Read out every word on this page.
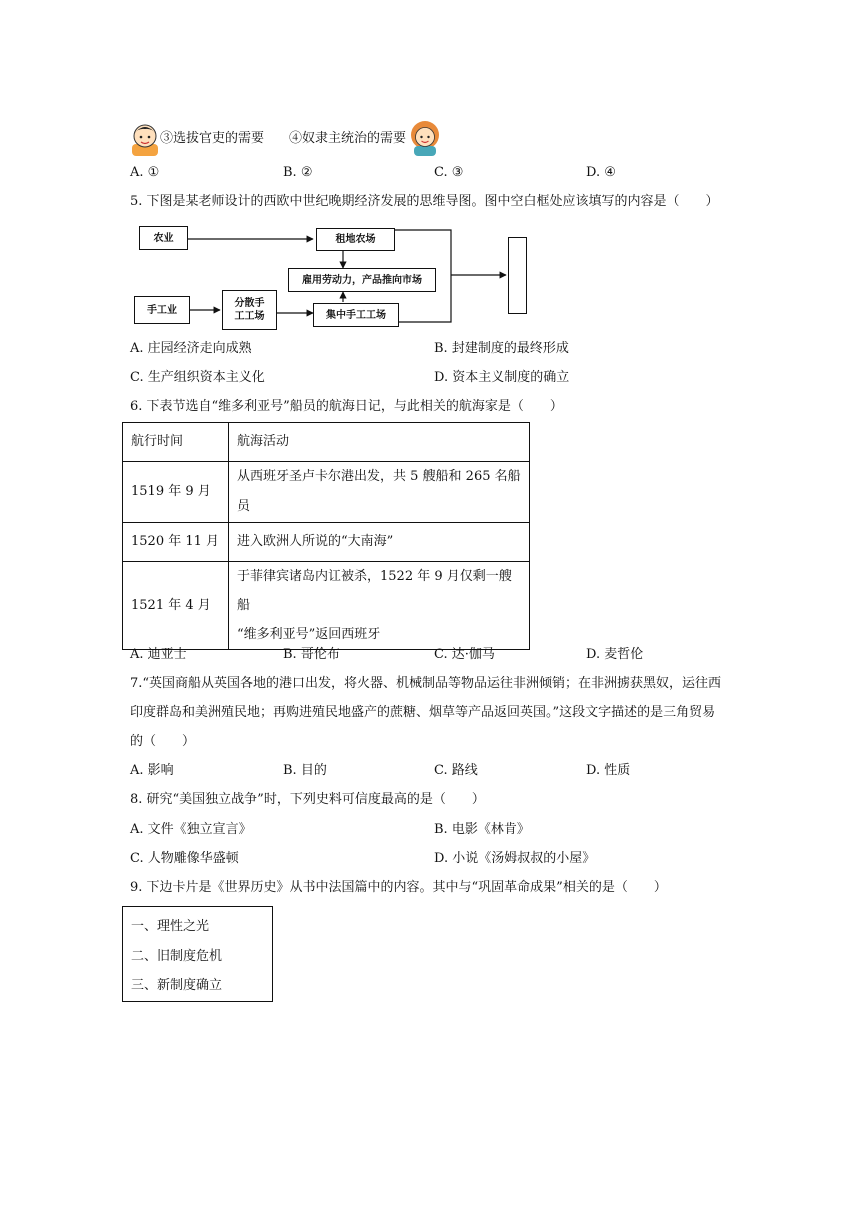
③选拔官吏的需要 ④奴隶主统治的需要
A. ①	B. ②	C. ③	D. ④
5. 下图是某老师设计的西欧中世纪晚期经济发展的思维导图。图中空白框处应该填写的内容是（　　）
农业	租地农场
雇用劳动力，产品推向市场
手工业
分散手
工工场	集中手工工场
A. 庄园经济走向成熟	B. 封建制度的最终形成
C. 生产组织资本主义化	D. 资本主义制度的确立
6. 下表节选自“维多利亚号”船员的航海日记，与此相关的航海家是（　　）
航行时间	航海活动
1519 年 9 月	从西班牙圣卢卡尔港出发，共 5 艘船和 265 名船员
1520 年 11 月	进入欧洲人所说的“大南海”
1521 年 4 月	于菲律宾诸岛内讧被杀，1522 年 9 月仅剩一艘船
“维多利亚号”返回西班牙
A. 迪亚士	B. 哥伦布	C. 达·伽马	D. 麦哲伦
7.“英国商船从英国各地的港口出发，将火器、机械制品等物品运往非洲倾销；在非洲掳获黑奴，运往西
印度群岛和美洲殖民地；再购进殖民地盛产的蔗糖、烟草等产品返回英国。”这段文字描述的是三角贸易
的（　　）
A. 影响	B. 目的	C. 路线	D. 性质
8. 研究“美国独立战争”时，下列史料可信度最高的是（　　）
A. 文件《独立宣言》	B. 电影《林肯》
C. 人物雕像华盛顿	D. 小说《汤姆叔叔的小屋》
9. 下边卡片是《世界历史》从书中法国篇中的内容。其中与“巩固革命成果”相关的是（　　）
一、理性之光
二、旧制度危机
三、新制度确立
